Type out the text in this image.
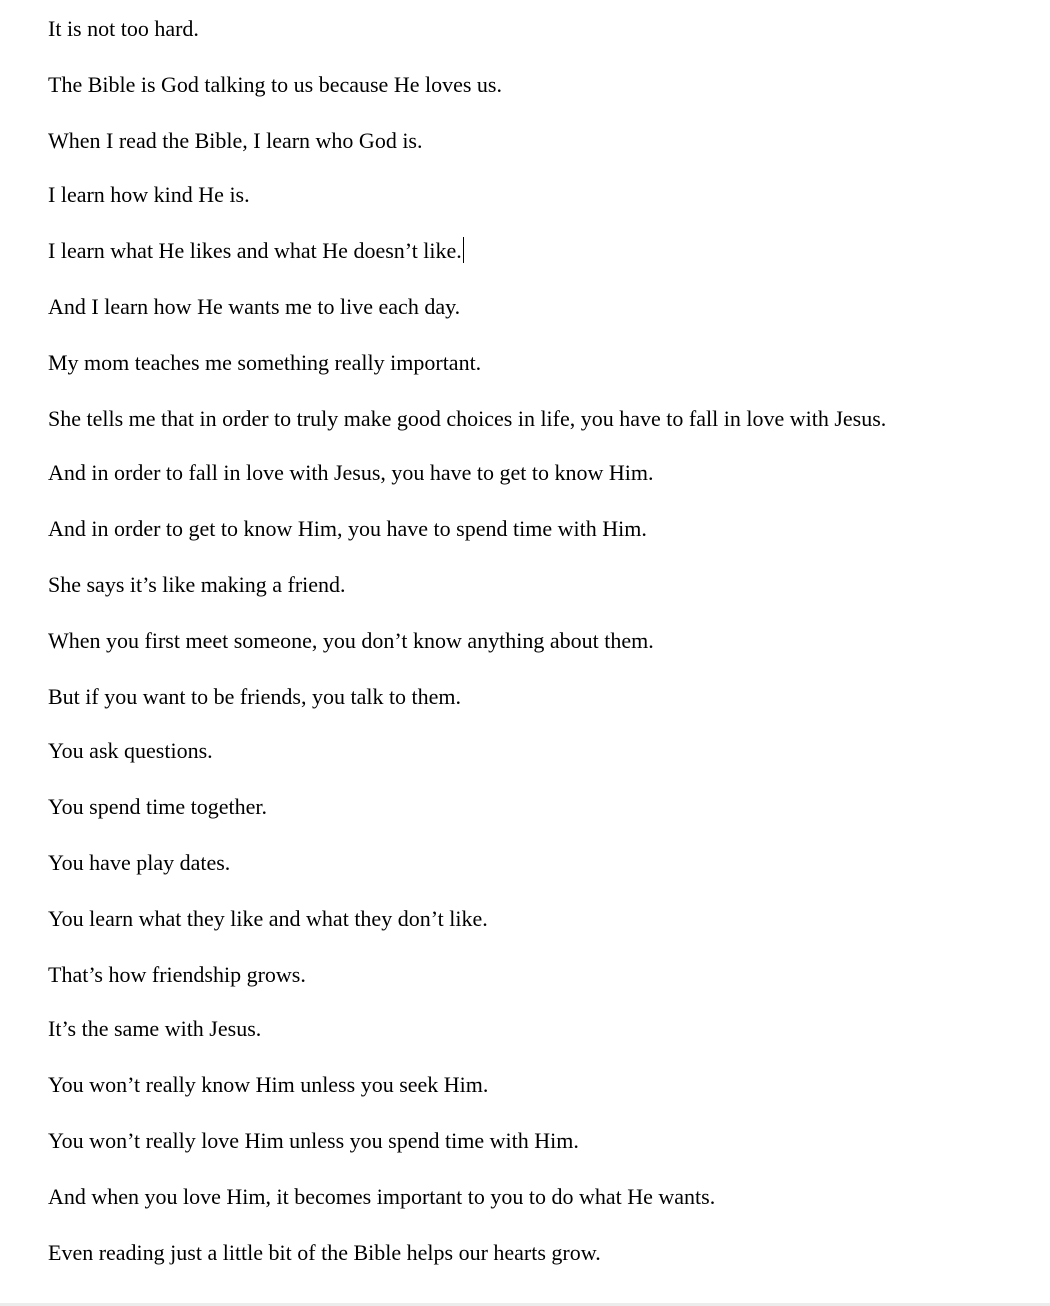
It is not too hard.

The Bible is God talking to us because He loves us.

When I read the Bible, I learn who God is.

I learn how kind He is.

I learn what He likes and what He doesn’t like.

And I learn how He wants me to live each day.

My mom teaches me something really important.

She tells me that in order to truly make good choices in life, you have to fall in love with Jesus.

And in order to fall in love with Jesus, you have to get to know Him.

And in order to get to know Him, you have to spend time with Him.

She says it’s like making a friend.

When you first meet someone, you don’t know anything about them.

But if you want to be friends, you talk to them.

You ask questions.

You spend time together.

You have play dates.

You learn what they like and what they don’t like.

That’s how friendship grows.

It’s the same with Jesus.

You won’t really know Him unless you seek Him.

You won’t really love Him unless you spend time with Him.

And when you love Him, it becomes important to you to do what He wants.

Even reading just a little bit of the Bible helps our hearts grow.
